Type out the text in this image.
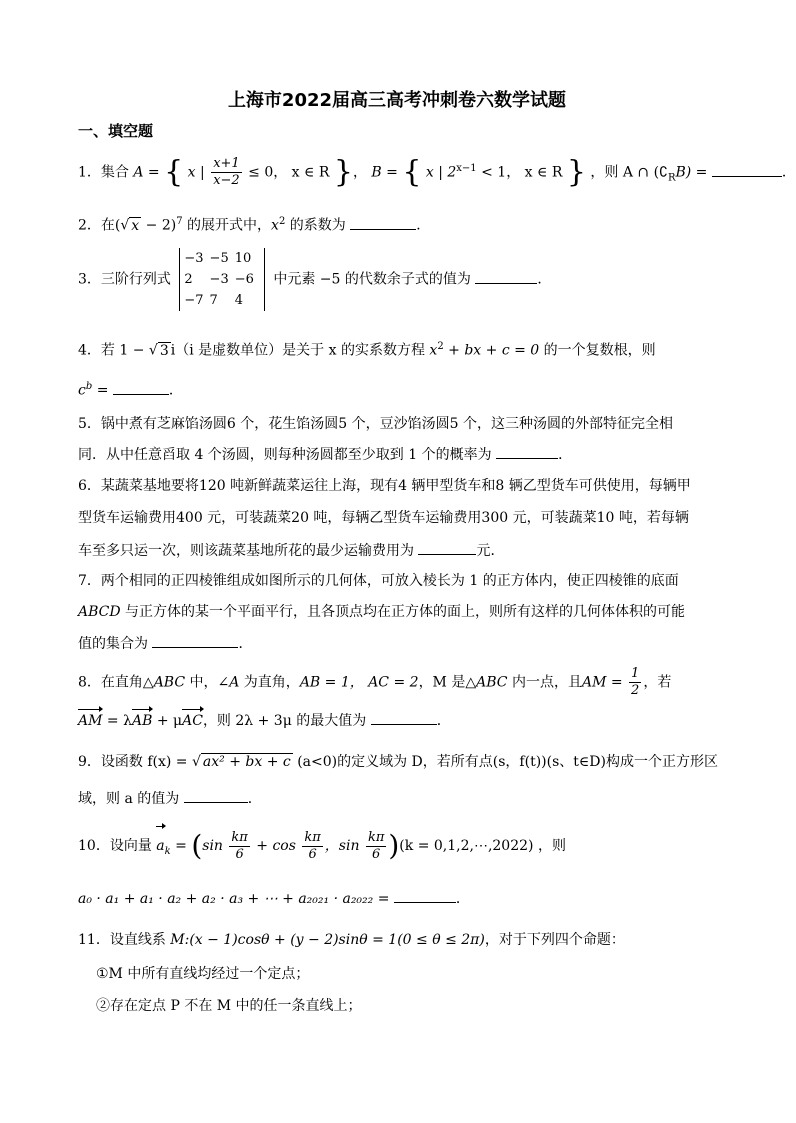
上海市2022届高三高考冲刺卷六数学试题
一、填空题
1．集合 A = { x | $\frac{x+1}{x-2} \le 0$， x ∈ R }， B = { x | $2^{x-1} < 1$， x ∈ R } ，则 A ∩ $(∁_RB)$ =	．
2．在(√ x − 2)$^7$ 的展开式中，$x^2$ 的系数为	．
3．三阶行列式
−3	−5	10
2	−3	−6
−7	7	4
中元素 −5 的代数余子式的值为	．
4．若 1 − √ 3 i（i 是虚数单位）是关于 x 的实系数方程 $x^2$ + bx + c = 0 的一个复数根，则
$c^b$ =	．
5．锅中煮有芝麻馅汤圆6 个，花生馅汤圆5 个，豆沙馅汤圆5 个，这三种汤圆的外部特征完全相
同．从中任意舀取 4 个汤圆，则每种汤圆都至少取到 1 个的概率为	．
6．某蔬菜基地要将120 吨新鲜蔬菜运往上海，现有4 辆甲型货车和8 辆乙型货车可供使用，每辆甲
型货车运输费用400 元，可装蔬菜20 吨，每辆乙型货车运输费用300 元，可装蔬菜10 吨，若每辆
车至多只运一次，则该蔬菜基地所花的最少运输费用为	元．
7．两个相同的正四棱锥组成如图所示的几何体，可放入棱长为 1 的正方体内，使正四棱锥的底面
ABCD 与正方体的某一个平面平行，且各顶点均在正方体的面上，则所有这样的几何体体积的可能
值的集合为	．
8．在直角△ABC 中，∠A 为直角，AB = 1， AC = 2，M 是△ABC 内一点，且AM = $\frac{1}{2}$ ，若
AM = λAB + μAC，则 2λ + 3μ 的最大值为	．
9．设函数 f(x) = √ ax² + bx + c (a<0)的定义域为 D，若所有点(s，f(t))(s、t∈D)构成一个正方形区
域，则 a 的值为	．
10．设向量 $a_k = (\sin \frac{k\pi}{6} + \cos \frac{k\pi}{6}$ ，$\sin \frac{k\pi}{6} )(k$ = 0,1,2,⋯,2022) ，则
a₀ · a₁ + a₁ · a₂ + a₂ · a₃ + ⋯ + a₂₀₂₁ · a₂₀₂₂ =	．
11．设直线系 M:(x − 1)cosθ + (y − 2)sinθ = 1(0 ≤ θ ≤ 2π)，对于下列四个命题：
①M 中所有直线均经过一个定点；
②存在定点 P 不在 M 中的任一条直线上；
